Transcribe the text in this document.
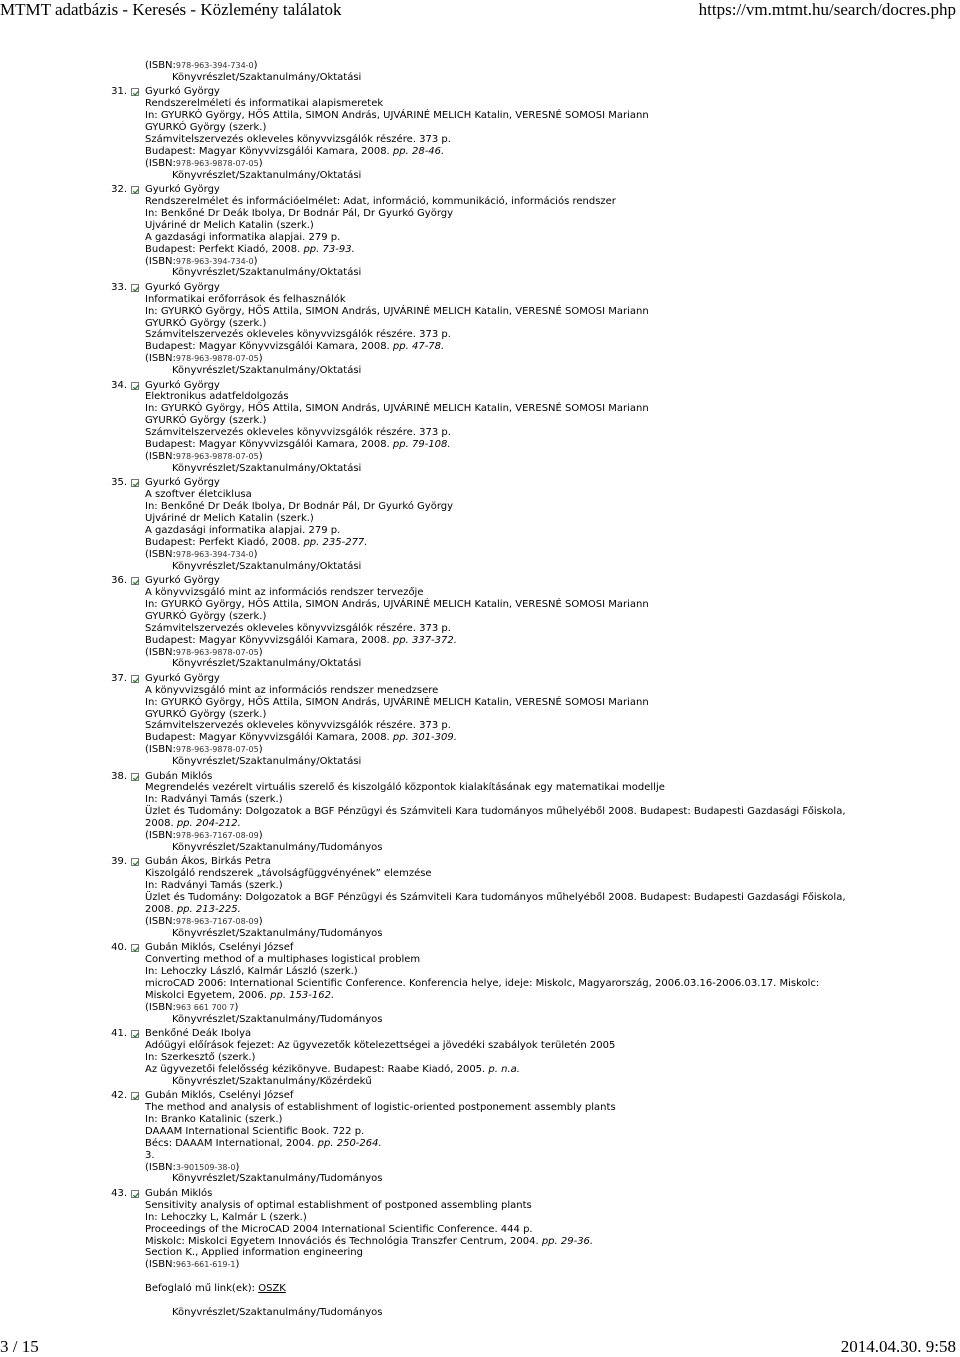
MTMT adatbázis - Keresés - Közlemény találatok	https://vm.mtmt.hu/search/docres.php
(ISBN:978-963-394-734-0)
Könyvrészlet/Szaktanulmány/Oktatási
31. Gyurkó György
Rendszerelméleti és informatikai alapismeretek
In: GYURKÓ György, HŐS Attila, SIMON András, UJVÁRINÉ MELICH Katalin, VERESNÉ SOMOSI Mariann
GYURKÓ György (szerk.)
Számvitelszervezés okleveles könyvvizsgálók részére. 373 p.
Budapest: Magyar Könyvvizsgálói Kamara, 2008. pp. 28-46.
(ISBN:978-963-9878-07-05)
Könyvrészlet/Szaktanulmány/Oktatási
32. Gyurkó György
Rendszerelmélet és információelmélet: Adat, információ, kommunikáció, információs rendszer
In: Benkőné Dr Deák Ibolya, Dr Bodnár Pál, Dr Gyurkó György
Ujváriné dr Melich Katalin (szerk.)
A gazdasági informatika alapjai. 279 p.
Budapest: Perfekt Kiadó, 2008. pp. 73-93.
(ISBN:978-963-394-734-0)
Könyvrészlet/Szaktanulmány/Oktatási
33. Gyurkó György
Informatikai erőforrások és felhasználók
In: GYURKÓ György, HŐS Attila, SIMON András, UJVÁRINÉ MELICH Katalin, VERESNÉ SOMOSI Mariann
GYURKÓ György (szerk.)
Számvitelszervezés okleveles könyvvizsgálók részére. 373 p.
Budapest: Magyar Könyvvizsgálói Kamara, 2008. pp. 47-78.
(ISBN:978-963-9878-07-05)
Könyvrészlet/Szaktanulmány/Oktatási
34. Gyurkó György
Elektronikus adatfeldolgozás
In: GYURKÓ György, HŐS Attila, SIMON András, UJVÁRINÉ MELICH Katalin, VERESNÉ SOMOSI Mariann
GYURKÓ György (szerk.)
Számvitelszervezés okleveles könyvvizsgálók részére. 373 p.
Budapest: Magyar Könyvvizsgálói Kamara, 2008. pp. 79-108.
(ISBN:978-963-9878-07-05)
Könyvrészlet/Szaktanulmány/Oktatási
35. Gyurkó György
A szoftver életciklusa
In: Benkőné Dr Deák Ibolya, Dr Bodnár Pál, Dr Gyurkó György
Ujváriné dr Melich Katalin (szerk.)
A gazdasági informatika alapjai. 279 p.
Budapest: Perfekt Kiadó, 2008. pp. 235-277.
(ISBN:978-963-394-734-0)
Könyvrészlet/Szaktanulmány/Oktatási
36. Gyurkó György
A könyvvizsgáló mint az információs rendszer tervezője
In: GYURKÓ György, HŐS Attila, SIMON András, UJVÁRINÉ MELICH Katalin, VERESNÉ SOMOSI Mariann
GYURKÓ György (szerk.)
Számvitelszervezés okleveles könyvvizsgálók részére. 373 p.
Budapest: Magyar Könyvvizsgálói Kamara, 2008. pp. 337-372.
(ISBN:978-963-9878-07-05)
Könyvrészlet/Szaktanulmány/Oktatási
37. Gyurkó György
A könyvvizsgáló mint az információs rendszer menedzsere
In: GYURKÓ György, HŐS Attila, SIMON András, UJVÁRINÉ MELICH Katalin, VERESNÉ SOMOSI Mariann
GYURKÓ György (szerk.)
Számvitelszervezés okleveles könyvvizsgálók részére. 373 p.
Budapest: Magyar Könyvvizsgálói Kamara, 2008. pp. 301-309.
(ISBN:978-963-9878-07-05)
Könyvrészlet/Szaktanulmány/Oktatási
38. Gubán Miklós
Megrendelés vezérelt virtuális szerelő és kiszolgáló központok kialakításának egy matematikai modellje
In: Radványi Tamás (szerk.)
Üzlet és Tudomány: Dolgozatok a BGF Pénzügyi és Számviteli Kara tudományos műhelyéből 2008. Budapest: Budapesti Gazdasági Főiskola, 2008. pp. 204-212.
(ISBN:978-963-7167-08-09)
Könyvrészlet/Szaktanulmány/Tudományos
39. Gubán Ákos, Birkás Petra
Kiszolgáló rendszerek „távolságfüggvényének” elemzése
In: Radványi Tamás (szerk.)
Üzlet és Tudomány: Dolgozatok a BGF Pénzügyi és Számviteli Kara tudományos műhelyéből 2008. Budapest: Budapesti Gazdasági Főiskola, 2008. pp. 213-225.
(ISBN:978-963-7167-08-09)
Könyvrészlet/Szaktanulmány/Tudományos
40. Gubán Miklós, Cselényi József
Converting method of a multiphases logistical problem
In: Lehoczky László, Kalmár László (szerk.)
microCAD 2006: International Scientific Conference. Konferencia helye, ideje: Miskolc, Magyarország, 2006.03.16-2006.03.17. Miskolc: Miskolci Egyetem, 2006. pp. 153-162.
(ISBN:963 661 700 7)
Könyvrészlet/Szaktanulmány/Tudományos
41. Benkőné Deák Ibolya
Adóügyi előírások fejezet: Az ügyvezetők kötelezettségei a jövedéki szabályok területén 2005
In: Szerkesztő (szerk.)
Az ügyvezetői felelősség kézikönyve. Budapest: Raabe Kiadó, 2005. p. n.a.
Könyvrészlet/Szaktanulmány/Közérdekű
42. Gubán Miklós, Cselényi József
The method and analysis of establishment of logistic-oriented postponement assembly plants
In: Branko Katalinic (szerk.)
DAAAM International Scientific Book. 722 p.
Bécs: DAAAM International, 2004. pp. 250-264.
3.
(ISBN:3-901509-38-0)
Könyvrészlet/Szaktanulmány/Tudományos
43. Gubán Miklós
Sensitivity analysis of optimal establishment of postponed assembling plants
In: Lehoczky L, Kalmár L (szerk.)
Proceedings of the MicroCAD 2004 International Scientific Conference. 444 p.
Miskolc: Miskolci Egyetem Innovációs és Technológia Transzfer Centrum, 2004. pp. 29-36.
Section K., Applied information engineering
(ISBN:963-661-619-1)
Befoglaló mű link(ek): OSZK
Könyvrészlet/Szaktanulmány/Tudományos
3 / 15	2014.04.30. 9:58
